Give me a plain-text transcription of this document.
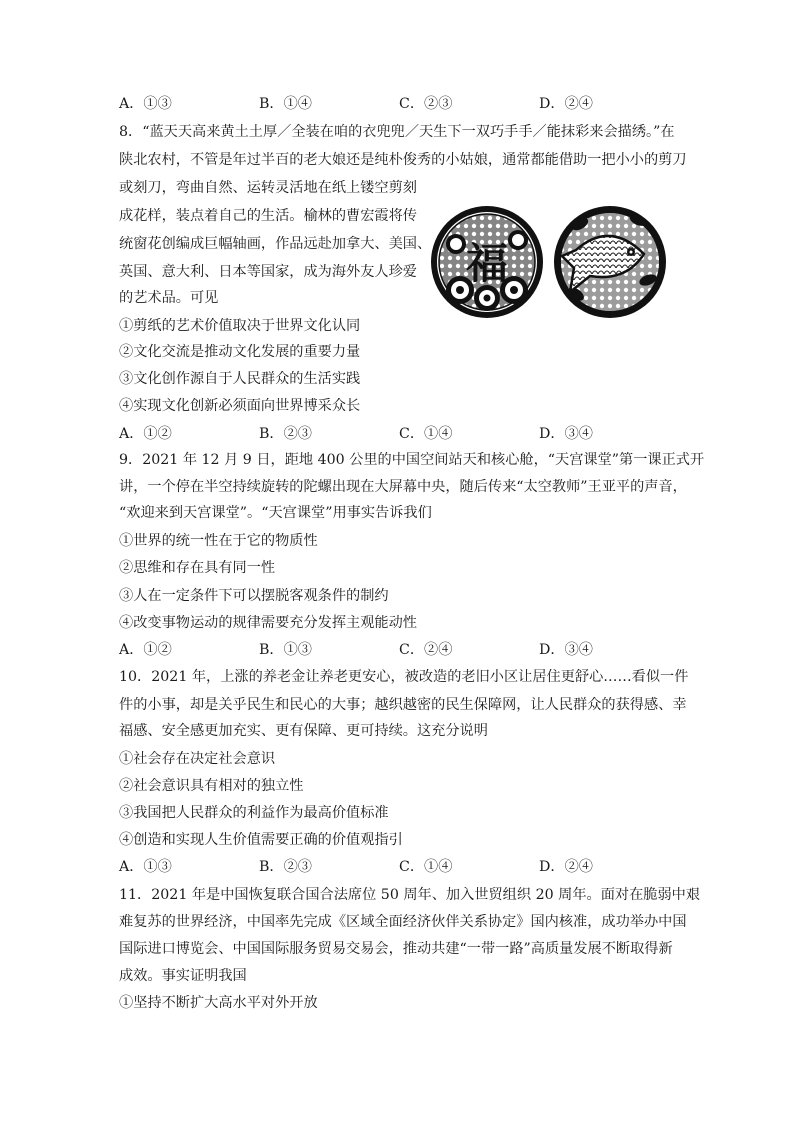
A．①③	B．①④	C．②③	D．②④
8．“蓝天天高来黄土土厚／全装在咱的衣兜兜／天生下一双巧手手／能抹彩来会描绣。”在
陕北农村，不管是年过半百的老大娘还是纯朴俊秀的小姑娘，通常都能借助一把小小的剪刀
或刻刀，弯曲自然、运转灵活地在纸上镂空剪刻
成花样，装点着自己的生活。榆林的曹宏霞将传
统窗花创编成巨幅轴画，作品远赴加拿大、美国、
英国、意大利、日本等国家，成为海外友人珍爱
的艺术品。可见
福
①剪纸的艺术价值取决于世界文化认同
②文化交流是推动文化发展的重要力量
③文化创作源自于人民群众的生活实践
④实现文化创新必须面向世界博采众长
A．①②	B．②③	C．①④	D．③④
9．2021 年 12 月 9 日，距地 400 公里的中国空间站天和核心舱，“天宫课堂”第一课正式开
讲，一个停在半空持续旋转的陀螺出现在大屏幕中央，随后传来“太空教师”王亚平的声音，
“欢迎来到天宫课堂”。“天宫课堂”用事实告诉我们
①世界的统一性在于它的物质性
②思维和存在具有同一性
③人在一定条件下可以摆脱客观条件的制约
④改变事物运动的规律需要充分发挥主观能动性
A．①②	B．①③	C．②④	D．③④
10．2021 年，上涨的养老金让养老更安心，被改造的老旧小区让居住更舒心……看似一件
件的小事，却是关乎民生和民心的大事；越织越密的民生保障网，让人民群众的获得感、幸
福感、安全感更加充实、更有保障、更可持续。这充分说明
①社会存在决定社会意识
②社会意识具有相对的独立性
③我国把人民群众的利益作为最高价值标准
④创造和实现人生价值需要正确的价值观指引
A．①③	B．②③	C．①④	D．②④
11．2021 年是中国恢复联合国合法席位 50 周年、加入世贸组织 20 周年。面对在脆弱中艰
难复苏的世界经济，中国率先完成《区域全面经济伙伴关系协定》国内核准，成功举办中国
国际进口博览会、中国国际服务贸易交易会，推动共建“一带一路”高质量发展不断取得新
成效。事实证明我国
①坚持不断扩大高水平对外开放
